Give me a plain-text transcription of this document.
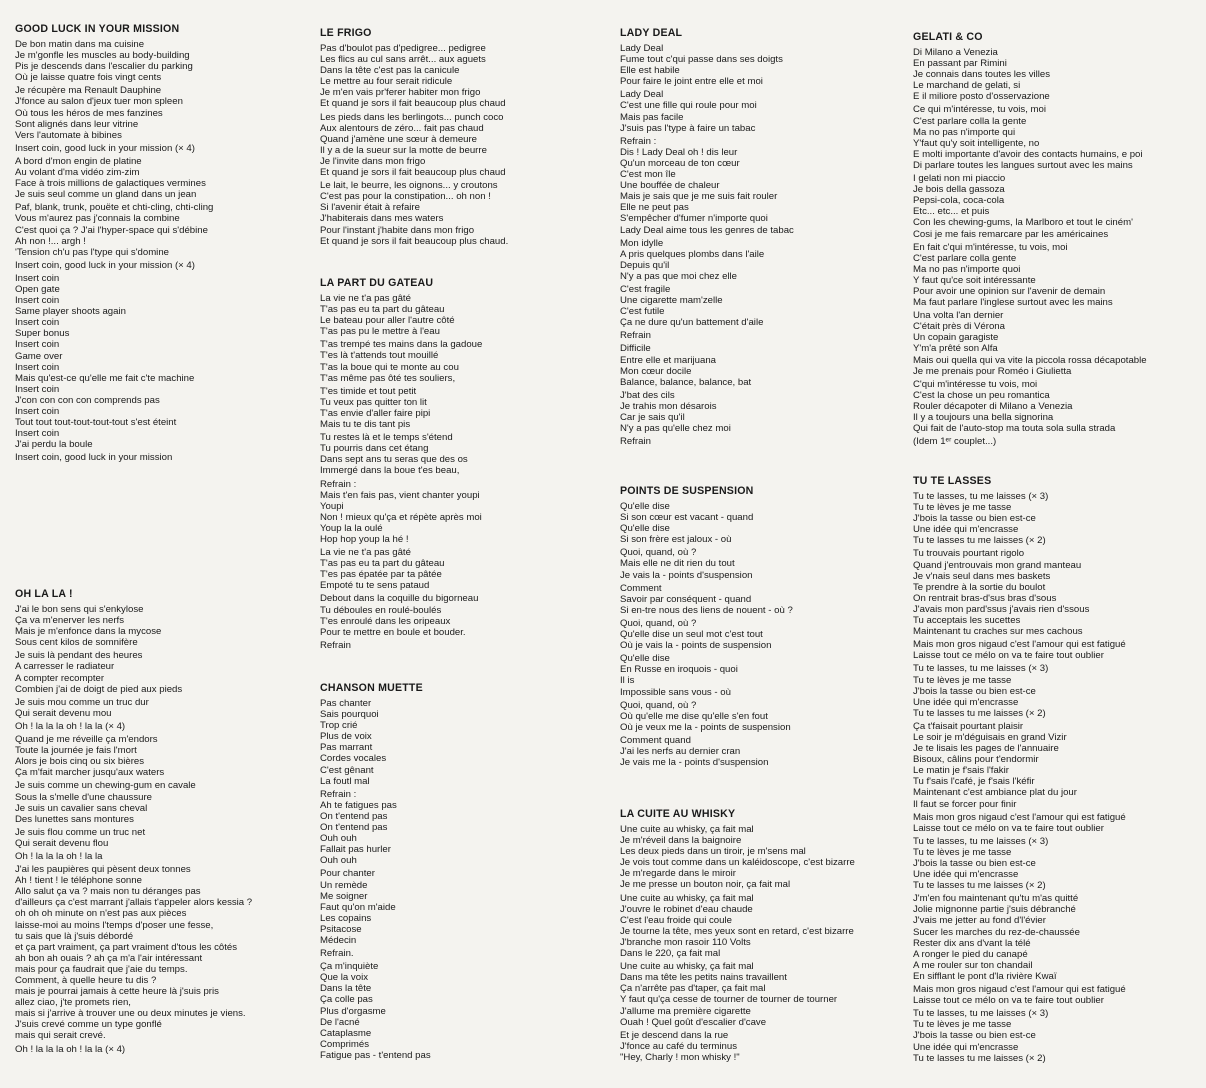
GOOD LUCK IN YOUR MISSION
De bon matin dans ma cuisine
Je m'gonfle les muscles au body-building
Pis je descends dans l'escalier du parking
Où je laisse quatre fois vingt cents
Je récupère ma Renault Dauphine
J'fonce au salon d'jeux tuer mon spleen
Où tous les héros de mes fanzines
Sont alignés dans leur vitrine
Vers l'automate à bibines
Insert coin, good luck in your mission (× 4)
A bord d'mon engin de platine
Au volant d'ma vidéo zim-zim
Face à trois millions de galactiques vermines
Je suis seul comme un gland dans un jean
Paf, blank, trunk, pouëte et chti-cling, chti-cling
Vous m'aurez pas j'connais la combine
C'est quoi ça ? J'ai l'hyper-space qui s'débine
Ah non !... argh !
'Tension ch'u pas l'type qui s'domine
Insert coin, good luck in your mission (× 4)
Insert coin
Open gate
Insert coin
Same player shoots again
Insert coin
Super bonus
Insert coin
Game over
Insert coin
Mais qu'est-ce qu'elle me fait c'te machine
Insert coin
J'con con con con comprends pas
Insert coin
Tout tout tout-tout-tout-tout s'est éteint
Insert coin
J'ai perdu la boule
Insert coin, good luck in your mission
OH LA LA !
J'ai le bon sens qui s'enkylose
Ça va m'enerver les nerfs
Mais je m'enfonce dans la mycose
Sous cent kilos de somnifère
Je suis là pendant des heures
A carresser le radiateur
A compter recompter
Combien j'ai de doigt de pied aux pieds
Je suis mou comme un truc dur
Qui serait devenu mou
Oh ! la la la oh ! la la (× 4)
Quand je me réveille ça m'endors
Toute la journée je fais l'mort
Alors je bois cinq ou six bières
Ça m'fait marcher jusqu'aux waters
Je suis comme un chewing-gum en cavale
Sous la s'melle d'une chaussure
Je suis un cavalier sans cheval
Des lunettes sans montures
Je suis flou comme un truc net
Qui serait devenu flou
Oh ! la la la oh ! la la
J'ai les paupières qui pèsent deux tonnes
Ah ! tient ! le téléphone sonne
Allo salut ça va ? mais non tu déranges pas
d'ailleurs ça c'est marrant j'allais t'appeler alors kessia ?
oh oh oh minute on n'est pas aux pièces
laisse-moi au moins l'temps d'poser une fesse,
tu sais que là j'suis débordé
et ça part vraiment, ça part vraiment d'tous les côtés
ah bon ah ouais ? ah ça m'a l'air intéressant
mais pour ça faudrait que j'aie du temps.
Comment, à quelle heure tu dis ?
mais je pourrai jamais à cette heure là j'suis pris
allez ciao, j'te promets rien,
mais si j'arrive à trouver une ou deux minutes je viens.
J'suis crevé comme un type gonflé
mais qui serait crevé.
Oh ! la la la oh ! la la (× 4)
LE FRIGO
Pas d'boulot pas d'pedigree... pedigree
Les flics au cul sans arrêt... aux aguets
Dans la tête c'est pas la canicule
Le mettre au four serait ridicule
Je m'en vais pr'ferer habiter mon frigo
Et quand je sors il fait beaucoup plus chaud
Les pieds dans les berlingots... punch coco
Aux alentours de zéro... fait pas chaud
Quand j'amène une sœur à demeure
Il y a de la sueur sur la motte de beurre
Je l'invite dans mon frigo
Et quand je sors il fait beaucoup plus chaud
Le lait, le beurre, les oignons... y croutons
C'est pas pour la constipation... oh non !
Si l'avenir était à refaire
J'habiterais dans mes waters
Pour l'instant j'habite dans mon frigo
Et quand je sors il fait beaucoup plus chaud.
LA PART DU GATEAU
La vie ne t'a pas gâté
T'as pas eu ta part du gâteau
Le bateau pour aller l'autre côté
T'as pas pu le mettre à l'eau
T'as trempé tes mains dans la gadoue
T'es là t'attends tout mouillé
T'as la boue qui te monte au cou
T'as même pas ôté tes souliers,
T'es timide et tout petit
Tu veux pas quitter ton lit
T'as envie d'aller faire pipi
Mais tu te dis tant pis
Tu restes là et le temps s'étend
Tu pourris dans cet étang
Dans sept ans tu seras que des os
Immergé dans la boue t'es beau,
Refrain :
Mais t'en fais pas, vient chanter youpi
Youpi
Non ! mieux qu'ça et répète après moi
Youp la la oulé
Hop hop youp la hé !
La vie ne t'a pas gâté
T'as pas eu ta part du gâteau
T'es pas épatée par ta pâtée
Empoté tu te sens pataud
Debout dans la coquille du bigorneau
Tu déboules en roulé-boulés
T'es enroulé dans les oripeaux
Pour te mettre en boule et bouder.
Refrain
CHANSON MUETTE
Pas chanter
Sais pourquoi
Trop crié
Plus de voix
Pas marrant
Cordes vocales
C'est gênant
La foutl mal
Refrain :
Ah te fatigues pas
On t'entend pas
On t'entend pas
Ouh ouh
Fallait pas hurler
Ouh ouh
Pour chanter
Un remède
Me soigner
Faut qu'on m'aide
Les copains
Psitacose
Médecin
Refrain.
Ça m'inquiète
Que la voix
Dans la tête
Ça colle pas
Plus d'orgasme
De l'acné
Cataplasme
Comprimés
Fatigue pas - t'entend pas
LADY DEAL
Lady Deal
Fume tout c'qui passe dans ses doigts
Elle est habile
Pour faire le joint entre elle et moi
Lady Deal
C'est une fille qui roule pour moi
Mais pas facile
J'suis pas l'type à faire un tabac
Refrain :
Dis ! Lady Deal oh ! dis leur
Qu'un morceau de ton cœur
C'est mon île
Une bouffée de chaleur
Mais je sais que je me suis fait rouler
Elle ne peut pas
S'empêcher d'fumer n'importe quoi
Lady Deal aime tous les genres de tabac
Mon idylle
A pris quelques plombs dans l'aile
Depuis qu'il
N'y a pas que moi chez elle
C'est fragile
Une cigarette mam'zelle
C'est futile
Ça ne dure qu'un battement d'aile
Refrain
Difficile
Entre elle et marijuana
Mon cœur docile
Balance, balance, balance, bat
J'bat des cils
Je trahis mon désarois
Car je sais qu'il
N'y a pas qu'elle chez moi
Refrain
POINTS DE SUSPENSION
Qu'elle dise
Si son cœur est vacant - quand
Qu'elle dise
Si son frère est jaloux - où
Quoi, quand, où ?
Mais elle ne dit rien du tout
Je vais la - points d'suspension
Comment
Savoir par conséquent - quand
Si en-tre nous des liens de nouent - où ?
Quoi, quand, où ?
Qu'elle dise un seul mot c'est tout
Où je vais la - points de suspension
Qu'elle dise
En Russe en iroquois - quoi
Il is
Impossible sans vous - où
Quoi, quand, où ?
Où qu'elle me dise qu'elle s'en fout
Où je veux me la - points de suspension
Comment quand
J'ai les nerfs au dernier cran
Je vais me la - points d'suspension
LA CUITE AU WHISKY
Une cuite au whisky, ça fait mal
Je m'réveil dans la baignoire
Les deux pieds dans un tiroir, je m'sens mal
Je vois tout comme dans un kaléidoscope, c'est bizarre
Je m'regarde dans le miroir
Je me presse un bouton noir, ça fait mal
Une cuite au whisky, ça fait mal
J'ouvre le robinet d'eau chaude
C'est l'eau froide qui coule
Je tourne la tête, mes yeux sont en retard, c'est bizarre
J'branche mon rasoir 110 Volts
Dans le 220, ça fait mal
Une cuite au whisky, ça fait mal
Dans ma tête les petits nains travaillent
Ça n'arrête pas d'taper, ça fait mal
Y faut qu'ça cesse de tourner de tourner de tourner
J'allume ma première cigarette
Ouah ! Quel goût d'escalier d'cave
Et je descend dans la rue
J'fonce au café du terminus
"Hey, Charly ! mon whisky !"
GELATI & CO
Di Milano a Venezia
En passant par Rimini
Je connais dans toutes les villes
Le marchand de gelati, si
E il miliore posto d'osservazione
Ce qui m'intéresse, tu vois, moi
C'est parlare colla la gente
Ma no pas n'importe qui
Y'faut qu'y soit intelligente, no
E molti importante d'avoir des contacts humains, e poi
Di parlare toutes les langues surtout avec les mains
I gelati non mi piaccio
Je bois della gassoza
Pepsi-cola, coca-cola
Etc... etc... et puis
Con les chewing-gums, la Marlboro et tout le ciném'
Cosi je me fais remarcare par les américaines
En fait c'qui m'intéresse, tu vois, moi
C'est parlare colla gente
Ma no pas n'importe quoi
Y faut qu'ce soit intéressante
Pour avoir une opinion sur l'avenir de demain
Ma faut parlare l'inglese surtout avec les mains
Una volta l'an dernier
C'était près di Vérona
Un copain garagiste
Y'm'a prêté son Alfa
Mais oui quella qui va vite la piccola rossa décapotable
Je me prenais pour Roméo i Giulietta
C'qui m'intéresse tu vois, moi
C'est la chose un peu romantica
Rouler décapoter di Milano a Venezia
Il y a toujours una bella signorina
Qui fait de l'auto-stop ma touta sola sulla strada
(Idem 1ᵉʳ couplet...)
TU TE LASSES
Tu te lasses, tu me laisses (× 3)
Tu te lèves je me tasse
J'bois la tasse ou bien est-ce
Une idée qui m'encrasse
Tu te lasses tu me laisses (× 2)
Tu trouvais pourtant rigolo
Quand j'entrouvais mon grand manteau
Je v'nais seul dans mes baskets
Te prendre à la sortie du boulot
On rentrait bras-d'sus bras d'sous
J'avais mon pard'ssus j'avais rien d'ssous
Tu acceptais les sucettes
Maintenant tu craches sur mes cachous
Mais mon gros nigaud c'est l'amour qui est fatigué
Laisse tout ce mélo on va te faire tout oublier
Tu te lasses, tu me laisses (× 3)
Tu te lèves je me tasse
J'bois la tasse ou bien est-ce
Une idée qui m'encrasse
Tu te lasses tu me laisses (× 2)
Ça t'faisait pourtant plaisir
Le soir je m'déguisais en grand Vizir
Je te lisais les pages de l'annuaire
Bisoux, câlins pour t'endormir
Le matin je f'sais l'fakir
Tu f'sais l'café, je f'sais l'kéfir
Maintenant c'est ambiance plat du jour
Il faut se forcer pour finir
Mais mon gros nigaud c'est l'amour qui est fatigué
Laisse tout ce mélo on va te faire tout oublier
Tu te lasses, tu me laisses (× 3)
Tu te lèves je me tasse
J'bois la tasse ou bien est-ce
Une idée qui m'encrasse
Tu te lasses tu me laisses (× 2)
J'm'en fou maintenant qu'tu m'as quitté
Jolie mignonne partie j'suis débranché
J'vais me jetter au fond d'l'évier
Sucer les marches du rez-de-chaussée
Rester dix ans d'vant la télé
A ronger le pied du canapé
A me rouler sur ton chandail
En sifflant le pont d'la rivière Kwaï
Mais mon gros nigaud c'est l'amour qui est fatigué
Laisse tout ce mélo on va te faire tout oublier
Tu te lasses, tu me laisses (× 3)
Tu te lèves je me tasse
J'bois la tasse ou bien est-ce
Une idée qui m'encrasse
Tu te lasses tu me laisses (× 2)
